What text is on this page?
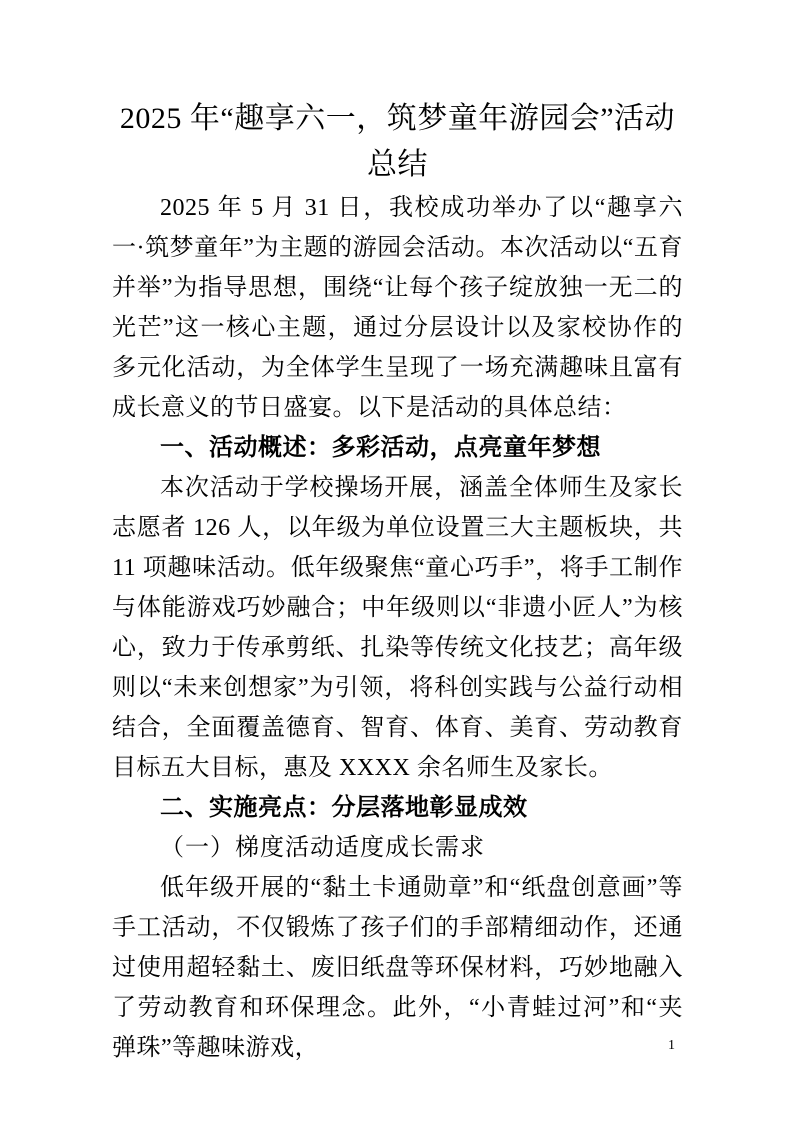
2025 年“趣享六一，筑梦童年游园会”活动总结

2025 年 5 月 31 日，我校成功举办了以“趣享六一·筑梦童年”为主题的游园会活动。本次活动以“五育并举”为指导思想，围绕“让每个孩子绽放独一无二的光芒”这一核心主题，通过分层设计以及家校协作的多元化活动，为全体学生呈现了一场充满趣味且富有成长意义的节日盛宴。以下是活动的具体总结：

一、活动概述：多彩活动，点亮童年梦想

本次活动于学校操场开展，涵盖全体师生及家长志愿者 126 人，以年级为单位设置三大主题板块，共 11 项趣味活动。低年级聚焦“童心巧手”，将手工制作与体能游戏巧妙融合；中年级则以“非遗小匠人”为核心，致力于传承剪纸、扎染等传统文化技艺；高年级则以“未来创想家”为引领，将科创实践与公益行动相结合，全面覆盖德育、智育、体育、美育、劳动教育目标五大目标，惠及 XXXX 余名师生及家长。

二、实施亮点：分层落地彰显成效
（一）梯度活动适度成长需求

低年级开展的“黏土卡通勋章”和“纸盘创意画”等手工活动，不仅锻炼了孩子们的手部精细动作，还通过使用超轻黏土、废旧纸盘等环保材料，巧妙地融入了劳动教育和环保理念。此外，“小青蛙过河”和“夹弹珠”等趣味游戏，	1
